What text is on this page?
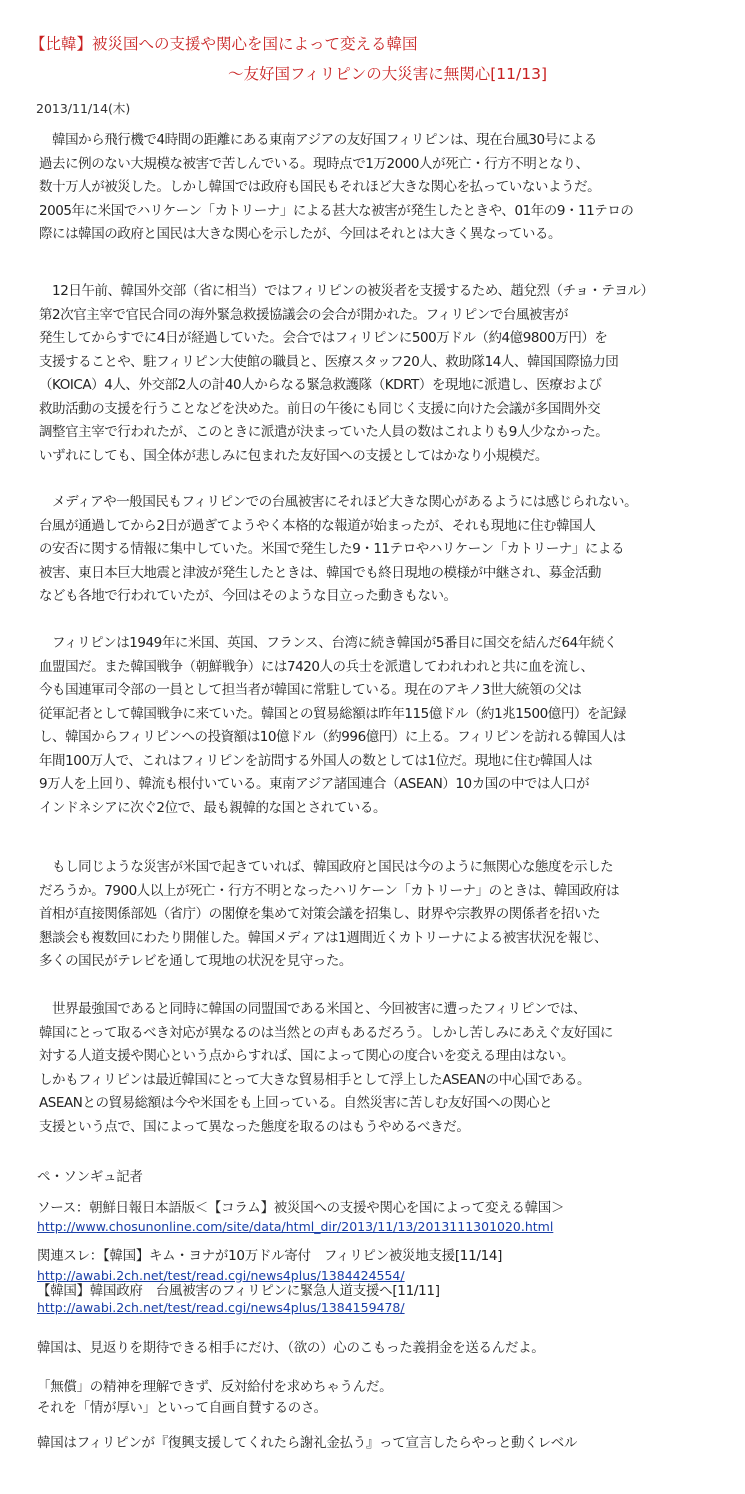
【比韓】被災国への支援や関心を国によって変える韓国
～友好国フィリピンの大災害に無関心[11/13]
2013/11/14(木)
　韓国から飛行機で4時間の距離にある東南アジアの友好国フィリピンは、現在台風30号による
過去に例のない大規模な被害で苦しんでいる。現時点で1万2000人が死亡・行方不明となり、
数十万人が被災した。しかし韓国では政府も国民もそれほど大きな関心を払っていないようだ。
2005年に米国でハリケーン「カトリーナ」による甚大な被害が発生したときや、01年の9・11テロの
際には韓国の政府と国民は大きな関心を示したが、今回はそれとは大きく異なっている。
　12日午前、韓国外交部（省に相当）ではフィリピンの被災者を支援するため、趙兌烈（チョ・テヨル）
第2次官主宰で官民合同の海外緊急救援協議会の会合が開かれた。フィリピンで台風被害が
発生してからすでに4日が経過していた。会合ではフィリピンに500万ドル（約4億9800万円）を
支援することや、駐フィリピン大使館の職員と、医療スタッフ20人、救助隊14人、韓国国際協力団
（KOICA）4人、外交部2人の計40人からなる緊急救護隊（KDRT）を現地に派遣し、医療および
救助活動の支援を行うことなどを決めた。前日の午後にも同じく支援に向けた会議が多国間外交
調整官主宰で行われたが、このときに派遣が決まっていた人員の数はこれよりも9人少なかった。
いずれにしても、国全体が悲しみに包まれた友好国への支援としてはかなり小規模だ。
　メディアや一般国民もフィリピンでの台風被害にそれほど大きな関心があるようには感じられない。
台風が通過してから2日が過ぎてようやく本格的な報道が始まったが、それも現地に住む韓国人
の安否に関する情報に集中していた。米国で発生した9・11テロやハリケーン「カトリーナ」による
被害、東日本巨大地震と津波が発生したときは、韓国でも終日現地の模様が中継され、募金活動
なども各地で行われていたが、今回はそのような目立った動きもない。
　フィリピンは1949年に米国、英国、フランス、台湾に続き韓国が5番目に国交を結んだ64年続く
血盟国だ。また韓国戦争（朝鮮戦争）には7420人の兵士を派遣してわれわれと共に血を流し、
今も国連軍司令部の一員として担当者が韓国に常駐している。現在のアキノ3世大統領の父は
従軍記者として韓国戦争に来ていた。韓国との貿易総額は昨年115億ドル（約1兆1500億円）を記録
し、韓国からフィリピンへの投資額は10億ドル（約996億円）に上る。フィリピンを訪れる韓国人は
年間100万人で、これはフィリピンを訪問する外国人の数としては1位だ。現地に住む韓国人は
9万人を上回り、韓流も根付いている。東南アジア諸国連合（ASEAN）10カ国の中では人口が
インドネシアに次ぐ2位で、最も親韓的な国とされている。
　もし同じような災害が米国で起きていれば、韓国政府と国民は今のように無関心な態度を示した
だろうか。7900人以上が死亡・行方不明となったハリケーン「カトリーナ」のときは、韓国政府は
首相が直接関係部処（省庁）の閣僚を集めて対策会議を招集し、財界や宗教界の関係者を招いた
懇談会も複数回にわたり開催した。韓国メディアは1週間近くカトリーナによる被害状況を報じ、
多くの国民がテレビを通して現地の状況を見守った。
　世界最強国であると同時に韓国の同盟国である米国と、今回被害に遭ったフィリピンでは、
韓国にとって取るべき対応が異なるのは当然との声もあるだろう。しかし苦しみにあえぐ友好国に
対する人道支援や関心という点からすれば、国によって関心の度合いを変える理由はない。
しかもフィリピンは最近韓国にとって大きな貿易相手として浮上したASEANの中心国である。
ASEANとの貿易総額は今や米国をも上回っている。自然災害に苦しむ友好国への関心と
支援という点で、国によって異なった態度を取るのはもうやめるべきだ。
ペ・ソンギュ記者
ソース：朝鮮日報日本語版＜【コラム】被災国への支援や関心を国によって変える韓国＞
http://www.chosunonline.com/site/data/html_dir/2013/11/13/2013111301020.html
関連スレ：【韓国】キム・ヨナが10万ドル寄付　フィリピン被災地支援[11/14]
http://awabi.2ch.net/test/read.cgi/news4plus/1384424554/
【韓国】韓国政府　台風被害のフィリピンに緊急人道支援へ[11/11]
http://awabi.2ch.net/test/read.cgi/news4plus/1384159478/
韓国は、見返りを期待できる相手にだけ、（欲の）心のこもった義捐金を送るんだよ。
「無償」の精神を理解できず、反対給付を求めちゃうんだ。
それを「情が厚い」といって自画自賛するのさ。
韓国はフィリピンが『復興支援してくれたら謝礼金払う』って宣言したらやっと動くレベル
